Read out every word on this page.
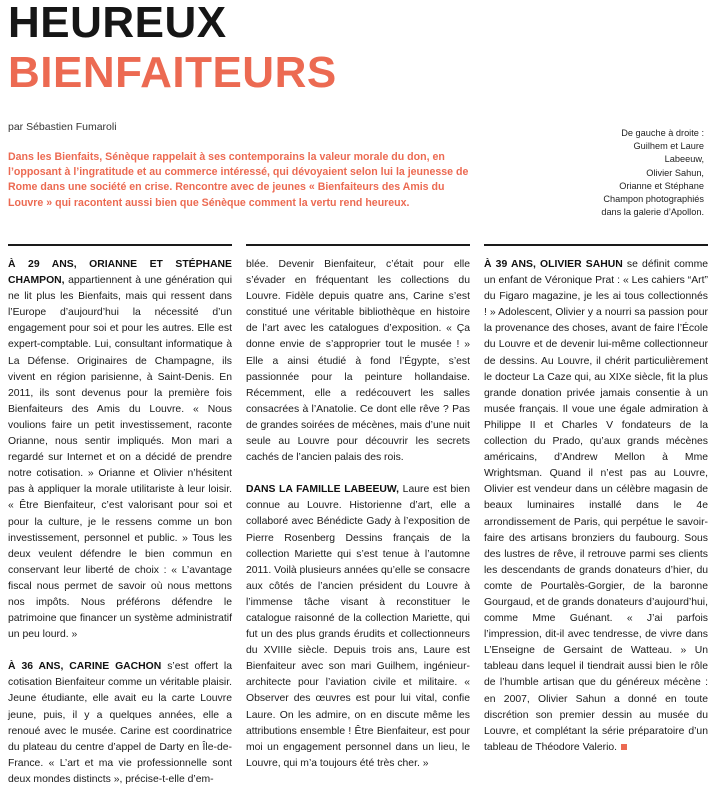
HEUREUX
BIENFAITEURS
par Sébastien Fumaroli

Dans les Bienfaits, Sénèque rappelait à ses contemporains la valeur morale du don, en l’opposant à l’ingratitude et au commerce intéressé, qui dévoyaient selon lui la jeunesse de Rome dans une société en crise. Rencontre avec de jeunes « Bienfaiteurs des Amis du Louvre » qui racontent aussi bien que Sénèque comment la vertu rend heureux.

De gauche à droite :
Guilhem et Laure
Labeeuw,
Olivier Sahun,
Orianne et Stéphane
Champon photographiés
dans la galerie d’Apollon.

À 29 ANS, ORIANNE ET STÉPHANE CHAMPON, appartiennent à une génération qui ne lit plus les Bienfaits, mais qui ressent dans l’Europe d’aujourd’hui la nécessité d’un engagement pour soi et pour les autres. Elle est expert-comptable. Lui, consultant informatique à La Défense. Originaires de Champagne, ils vivent en région parisienne, à Saint-Denis. En 2011, ils sont devenus pour la première fois Bienfaiteurs des Amis du Louvre. « Nous voulions faire un petit investissement, raconte Orianne, nous sentir impliqués. Mon mari a regardé sur Internet et on a décidé de prendre notre cotisation. » Orianne et Olivier n’hésitent pas à appliquer la morale utilitariste à leur loisir. « Être Bienfaiteur, c’est valorisant pour soi et pour la culture, je le ressens comme un bon investissement, personnel et public. » Tous les deux veulent défendre le bien commun en conservant leur liberté de choix : « L’avantage fiscal nous permet de savoir où nous mettons nos impôts. Nous préférons défendre le patrimoine que financer un système administratif un peu lourd. »

À 36 ANS, CARINE GACHON s’est offert la cotisation Bienfaiteur comme un véritable plaisir. Jeune étudiante, elle avait eu la carte Louvre jeune, puis, il y a quelques années, elle a renoué avec le musée. Carine est coordinatrice du plateau du centre d’appel de Darty en Île-de-France. « L’art et ma vie professionnelle sont deux mondes distincts », précise-t-elle d’em-

blée. Devenir Bienfaiteur, c’était pour elle s’évader en fréquentant les collections du Louvre. Fidèle depuis quatre ans, Carine s’est constitué une véritable bibliothèque en histoire de l’art avec les catalogues d’exposition. « Ça donne envie de s’approprier tout le musée ! » Elle a ainsi étudié à fond l’Égypte, s’est passionnée pour la peinture hollandaise. Récemment, elle a redécouvert les salles consacrées à l’Anatolie. Ce dont elle rêve ? Pas de grandes soirées de mécènes, mais d’une nuit seule au Louvre pour découvrir les secrets cachés de l’ancien palais des rois.

DANS LA FAMILLE LABEEUW, Laure est bien connue au Louvre. Historienne d’art, elle a collaboré avec Bénédicte Gady à l’exposition de Pierre Rosenberg Dessins français de la collection Mariette qui s’est tenue à l’automne 2011. Voilà plusieurs années qu’elle se consacre aux côtés de l’ancien président du Louvre à l’immense tâche visant à reconstituer le catalogue raisonné de la collection Mariette, qui fut un des plus grands érudits et collectionneurs du XVIIIe siècle. Depuis trois ans, Laure est Bienfaiteur avec son mari Guilhem, ingénieur-architecte pour l’aviation civile et militaire. « Observer des œuvres est pour lui vital, confie Laure. On les admire, on en discute même les attributions ensemble ! Être Bienfaiteur, est pour moi un engagement personnel dans un lieu, le Louvre, qui m’a toujours été très cher. »

À 39 ANS, OLIVIER SAHUN se définit comme un enfant de Véronique Prat : « Les cahiers “Art” du Figaro magazine, je les ai tous collectionnés ! » Adolescent, Olivier y a nourri sa passion pour la provenance des choses, avant de faire l’École du Louvre et de devenir lui-même collectionneur de dessins. Au Louvre, il chérit particulièrement le docteur La Caze qui, au XIXe siècle, fit la plus grande donation privée jamais consentie à un musée français. Il voue une égale admiration à Philippe II et Charles V fondateurs de la collection du Prado, qu’aux grands mécènes américains, d’Andrew Mellon à Mme Wrightsman. Quand il n’est pas au Louvre, Olivier est vendeur dans un célèbre magasin de beaux luminaires installé dans le 4e arrondissement de Paris, qui perpétue le savoir-faire des artisans bronziers du faubourg. Sous des lustres de rêve, il retrouve parmi ses clients les descendants de grands donateurs d’hier, du comte de Pourtalès-Gorgier, de la baronne Gourgaud, et de grands donateurs d’aujourd’hui, comme Mme Guénant. « J’ai parfois l’impression, dit-il avec tendresse, de vivre dans L’Enseigne de Gersaint de Watteau. » Un tableau dans lequel il tiendrait aussi bien le rôle de l’humble artisan que du généreux mécène : en 2007, Olivier Sahun a donné en toute discrétion son premier dessin au musée du Louvre, et complétant la série préparatoire d’un tableau de Théodore Valerio.
